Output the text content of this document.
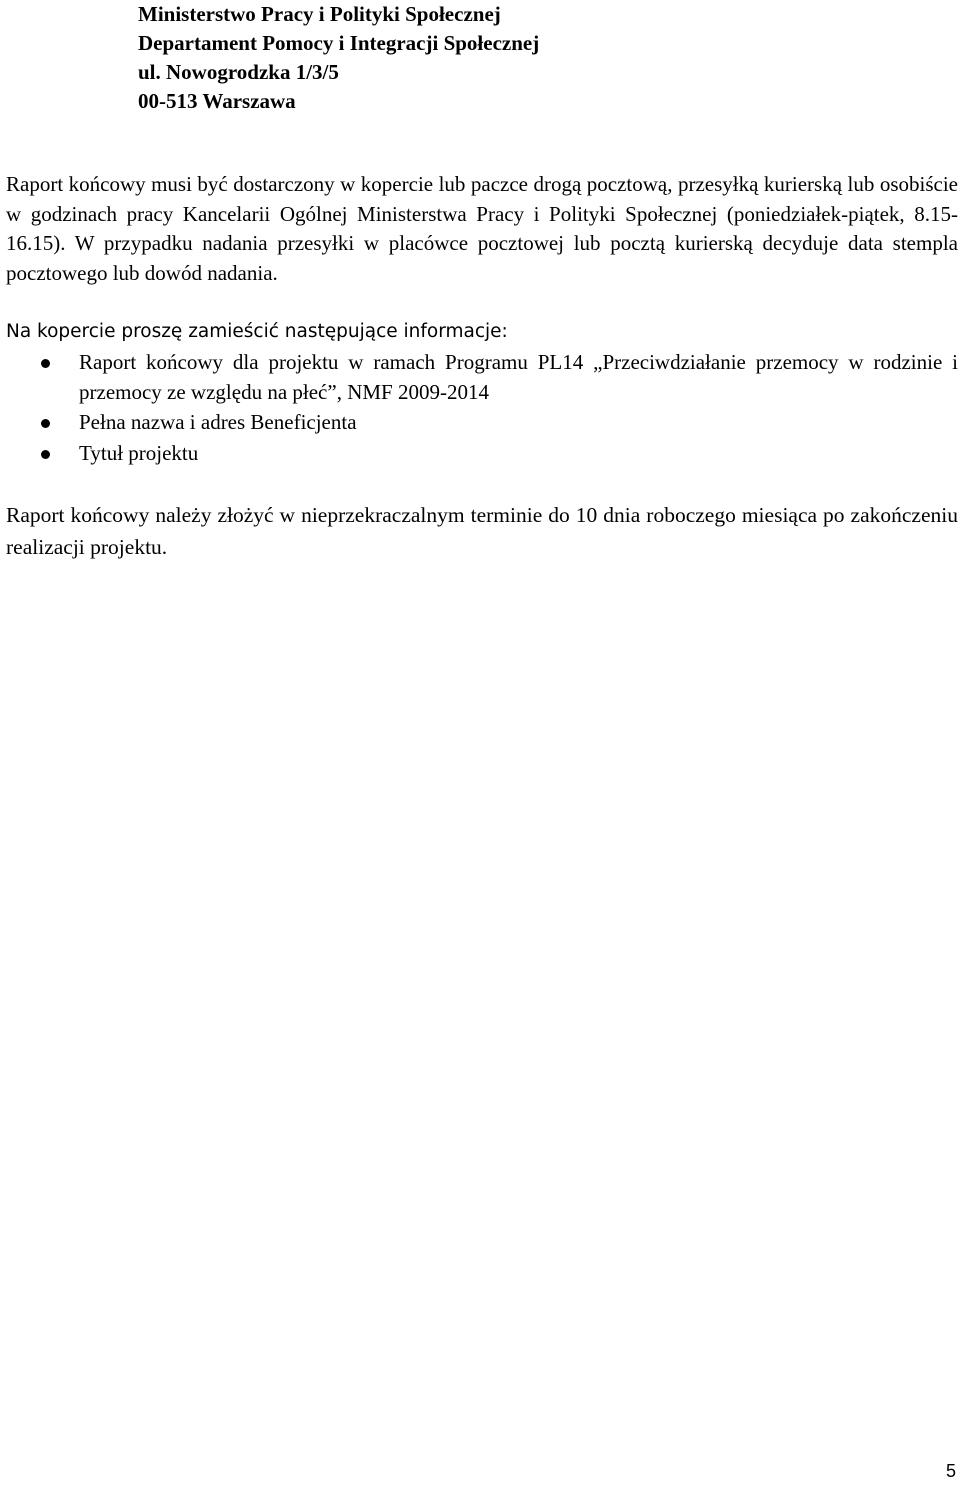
Ministerstwo Pracy i Polityki Społecznej
Departament Pomocy i Integracji Społecznej
ul. Nowogrodzka 1/3/5
00-513 Warszawa
Raport końcowy musi być dostarczony w kopercie lub paczce drogą pocztową, przesyłką kurierską lub osobiście w godzinach pracy Kancelarii Ogólnej Ministerstwa Pracy i Polityki Społecznej (poniedziałek-piątek, 8.15-16.15). W przypadku nadania przesyłki w placówce pocztowej lub pocztą kurierską decyduje data stempla pocztowego lub dowód nadania.
Na kopercie proszę zamieścić następujące informacje:
Raport końcowy dla projektu w ramach Programu PL14 „Przeciwdziałanie przemocy w rodzinie i przemocy ze względu na płeć”, NMF 2009-2014
Pełna nazwa i adres Beneficjenta
Tytuł projektu
Raport końcowy należy złożyć w nieprzekraczalnym terminie do 10 dnia roboczego miesiąca po zakończeniu realizacji projektu.
5
